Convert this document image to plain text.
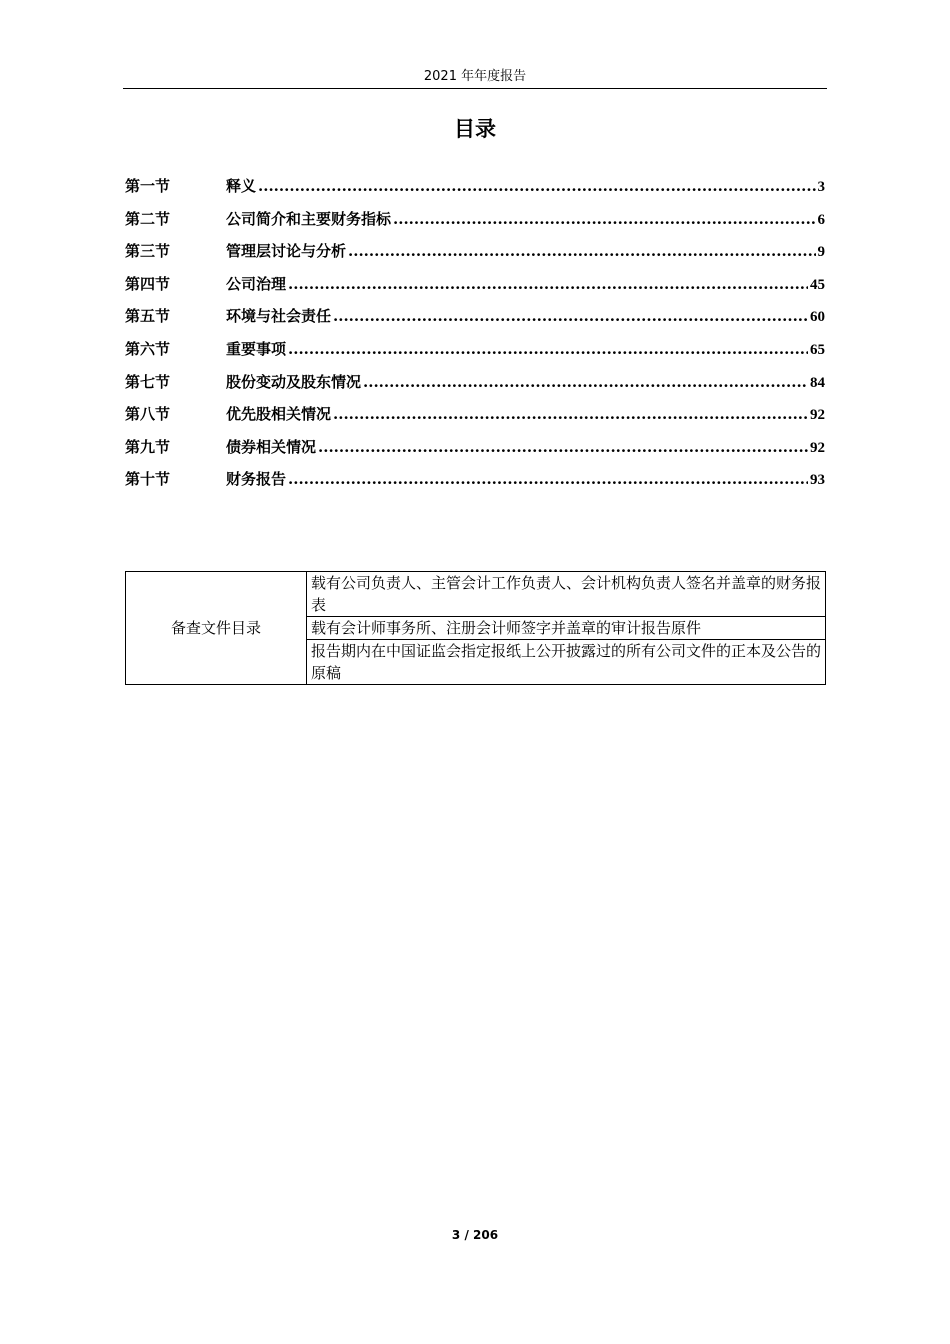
2021 年年度报告
目录
第一节	释义 .....	3
第二节	公司简介和主要财务指标 .....	6
第三节	管理层讨论与分析 .....	9
第四节	公司治理 .....	45
第五节	环境与社会责任 .....	60
第六节	重要事项 .....	65
第七节	股份变动及股东情况 .....	84
第八节	优先股相关情况 .....	92
第九节	债券相关情况 .....	92
第十节	财务报告 .....	93
备查文件目录	载有公司负责人、主管会计工作负责人、会计机构负责人签名并盖章的财务报表
载有会计师事务所、注册会计师签字并盖章的审计报告原件
报告期内在中国证监会指定报纸上公开披露过的所有公司文件的正本及公告的原稿
3 / 206
